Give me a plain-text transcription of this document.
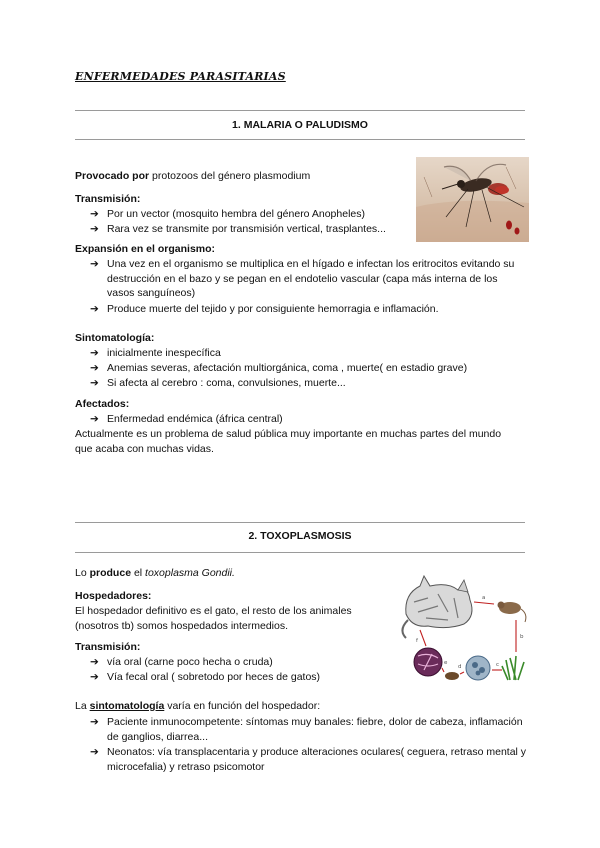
ENFERMEDADES PARASITARIAS
1. MALARIA O PALUDISMO
Provocado por protozoos del género plasmodium
Transmisión:
➔ Por un vector (mosquito hembra del género Anopheles)
➔ Rara vez se transmite por transmisión vertical, trasplantes...
Expansión en el organismo:
➔ Una vez en el organismo se multiplica en el hígado e infectan los eritrocitos evitando su destrucción en el bazo y se pegan en el endotelio vascular (capa más interna de los vasos sanguíneos)
➔ Produce muerte del tejido y por consiguiente hemorragia e inflamación.
Sintomatología:
➔ inicialmente inespecífica
➔ Anemias severas, afectación multiorgánica, coma , muerte( en estadio grave)
➔ Si afecta al cerebro : coma, convulsiones, muerte...
Afectados:
➔ Enfermedad endémica (áfrica central)
Actualmente es un problema de salud pública muy importante en muchas partes del mundo
que acaba con muchas vidas.
2. TOXOPLASMOSIS
Lo produce el toxoplasma Gondii.
Hospedadores:
El hospedador definitivo es el gato, el resto de los animales
(nosotros tb) somos hospedados intermedios.
Transmisión:
➔ vía oral (carne poco hecha o cruda)
➔ Vía fecal oral ( sobretodo por heces de gatos)
La sintomatología varía en función del hospedador:
➔ Paciente inmunocompetente: síntomas muy banales: fiebre, dolor de cabeza, inflamación de ganglios, diarrea...
➔ Neonatos: vía transplacentaria y produce alteraciones oculares( ceguera, retraso mental y microcefalia) y retraso psicomotor
a
b
c
d
e
f
